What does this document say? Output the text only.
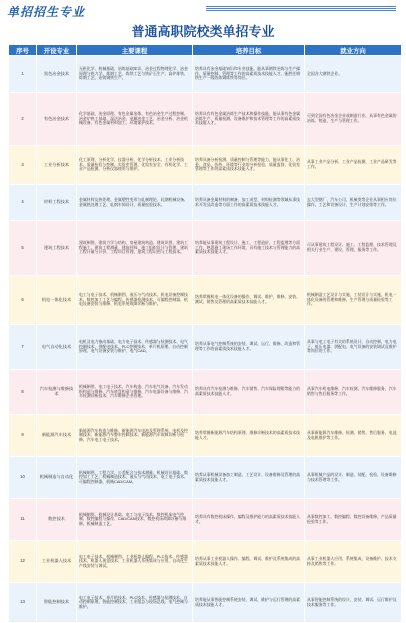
单招招生专业
普通高职院校类单招专业
序号	开设专业	主要课程	培养目标	就业方向
1	黑色冶金技术	无机化学、机械基础、冶炼基础知识、冶金过程物理化学、冶金原理与热力学、炼钢工艺、炼铁工艺与铁矿石生产、高炉炼铁、炼钢工艺、连铸钢铁生产。	培养具有冶金基础知识和专业技能，能从事钢铁冶炼与生产操作、质量控制、管理等工作的高素质技术技能人才，能胜任钢铁生产一线的炼钢炼铁等岗位。	全国各大钢铁企业。
2	有色冶金技术	化学基础、冶金原理、有色金属冶炼、有色冶金生产过程控制、冶金炉热工基础、湿法冶金、电解冶金工艺、冶金分析、冶金机械设备、有色金属材料加工、环境保护技术。	培养具有有色金属冶炼生产技术和操作技能，能从事有色金属冶炼生产、质量检测、设备维护和技术管理等工作的高素质技术技能人才。	可到全国有色冶金企业或制造行业，从事有色金属的冶炼、铸造、生产与管理工作。
3	工业分析技术	化工原理、分析化学、仪器分析、化学分析技术、工业分析技术、质量检验与控制、实验室管理、化验室安全、有机化学、工业产品检测、分析仪器使用与维护。	培养具备分析检测、质量控制与管理等能力，能从事化工、冶金、食品、医药、环境等行业的分析检验、质量监督、化验室管理等工作的高素质技术技能人才。	从事工业产品分析、工业产品检测、工业产品研发等工作。
4	材料工程技术	金属材料及热处理、金属塑性变形与轧制理论、轧钢机械设备、金属热处理工艺、轧钢车间设计、质量检验技术。	培养具备金属材料的制备、加工成型、材料检测等领域从事技术开发及改造等方面工作的高素质技术技能人才。	去大型钢厂、汽车公司、机械类等企业从事相应岗位操作、工艺和设备设计、生产计划安排等工作。
5	建筑工程技术	建筑制图、建筑力学与结构、房屋建筑构造、建筑识图、建筑工程施工、建筑工程测量、建筑材料、施工组织设计与管理、建筑工程计量与计价、工程项目管理、建筑工程识图与工程技术。	培养能从事建筑工程设计、施工、工程造价、工程监理等方面工作，熟悉施工现场工作环境、具有施工技术与管理能力的高素质技术技能人才。	可从事建筑工程设计、施工、工程监理、技术管理及相关行业生产、建设、管理、服务等工作。
6	机电一体化技术	电工与电子技术、机械制图、液压与气动技术、机电设备控制技术、数控加工工艺与编程、传感器检测技术、可编程控制器、机电设备安装与维修、机电系统故障诊断与维护。	培养掌握机电一体化设备的操作、调试、维护、维修、安装、测试、销售及管理的高素质技术技能人才。	机械制造工艺设计与实施，工装设计与实施，机电一体化设备的管理和维修，生产管理与质量检验等工作。
7	电气自动化技术	电机及电力拖动基础、电力电子技术、传感器与检测技术、电气控制技术、供配电技术、PLC控制技术、单片机原理、自动控制原理、电气设备安装与维护、电气CAD。	培养从事电气控制系统的安装、调试、运行、维修、改造和管理等工作的高素质技术技能人才。	从事与电工电子有关的系统设计、自动控制、电力电子、低压电器、供配电、电气设备的安装调试及维护等岗位的工作。
8	汽车检测与维修技术	机械制图、电工电子技术、汽车构造、汽车电气设备、汽车发动机构造与维修、汽车底盘构造与维修、汽车电器设备与维修、汽车检测诊断技术、汽车维修企业管理。	培养具有汽车检测与维修、汽车销售、汽车保险理赔等能力的高素质技术技能人才。	从事汽车机电维修、汽车检测、汽车维修服务、汽车销售与售后服务等工作。
9	新能源汽车技术	新能源汽车构造与维修、新能源汽车电池及管理系统、电机及控制技术、新能源汽车整车控制技术、新能源汽车故障诊断与检修、汽车电工电子技术。	培养掌握新能源汽车结构原理、维修诊断技术的高素质技术技能人才。	从事新能源汽车维修、检测、销售、售后服务、电池及电机维护等工作。
10	机械制造与自动化	机械制图、工程力学、公差配合与技术测量、机械设计基础、数控加工工艺、机械制造技术、液压与气动技术、电工电子技术、可编程控制器、机械CAD/CAM。	培养从事机械设备加工制造、工艺设计、设备维修及管理的高素质技术技能人才。	从事机械产品的设计、制造、装配、检验、设备维修与技术管理等工作。
11	数控技术	机械制图、机械设计基础、电工与电子技术、数控机床电气控制、数控编程与操作、CAD/CAM技术、数控机床故障诊断与维修、机械制造工艺。	培养具有数控机床操作、编程及维护能力的高素质技术技能人才。	从事数控加工、数控编程、数控设备维修、产品质量检验等工作。
12	工业机器人技术	电工电子技术、机械制图、工业机器人编程、PLC技术、传感器技术、机器人视觉技术、工业机器人系统集成与应用、自动化生产线安装与调试。	培养从事工业机器人操作、编程、调试、维护及系统集成的高素质技术技能人才。	从事工业机器人应用、系统集成、设备维护、技术支持及销售等工作。
13	智能控制技术	电工电子技术、单片机技术、PLC技术、传感器与检测技术、自动控制原理、智能控制技术、工业组态与现场总线、电气控制与维护。	培养能从事智能控制系统安装、调试、维护与运行管理的高素质技术技能人才。	从事智能控制系统的设计、安装、调试、运行维护及技术服务等工作。
